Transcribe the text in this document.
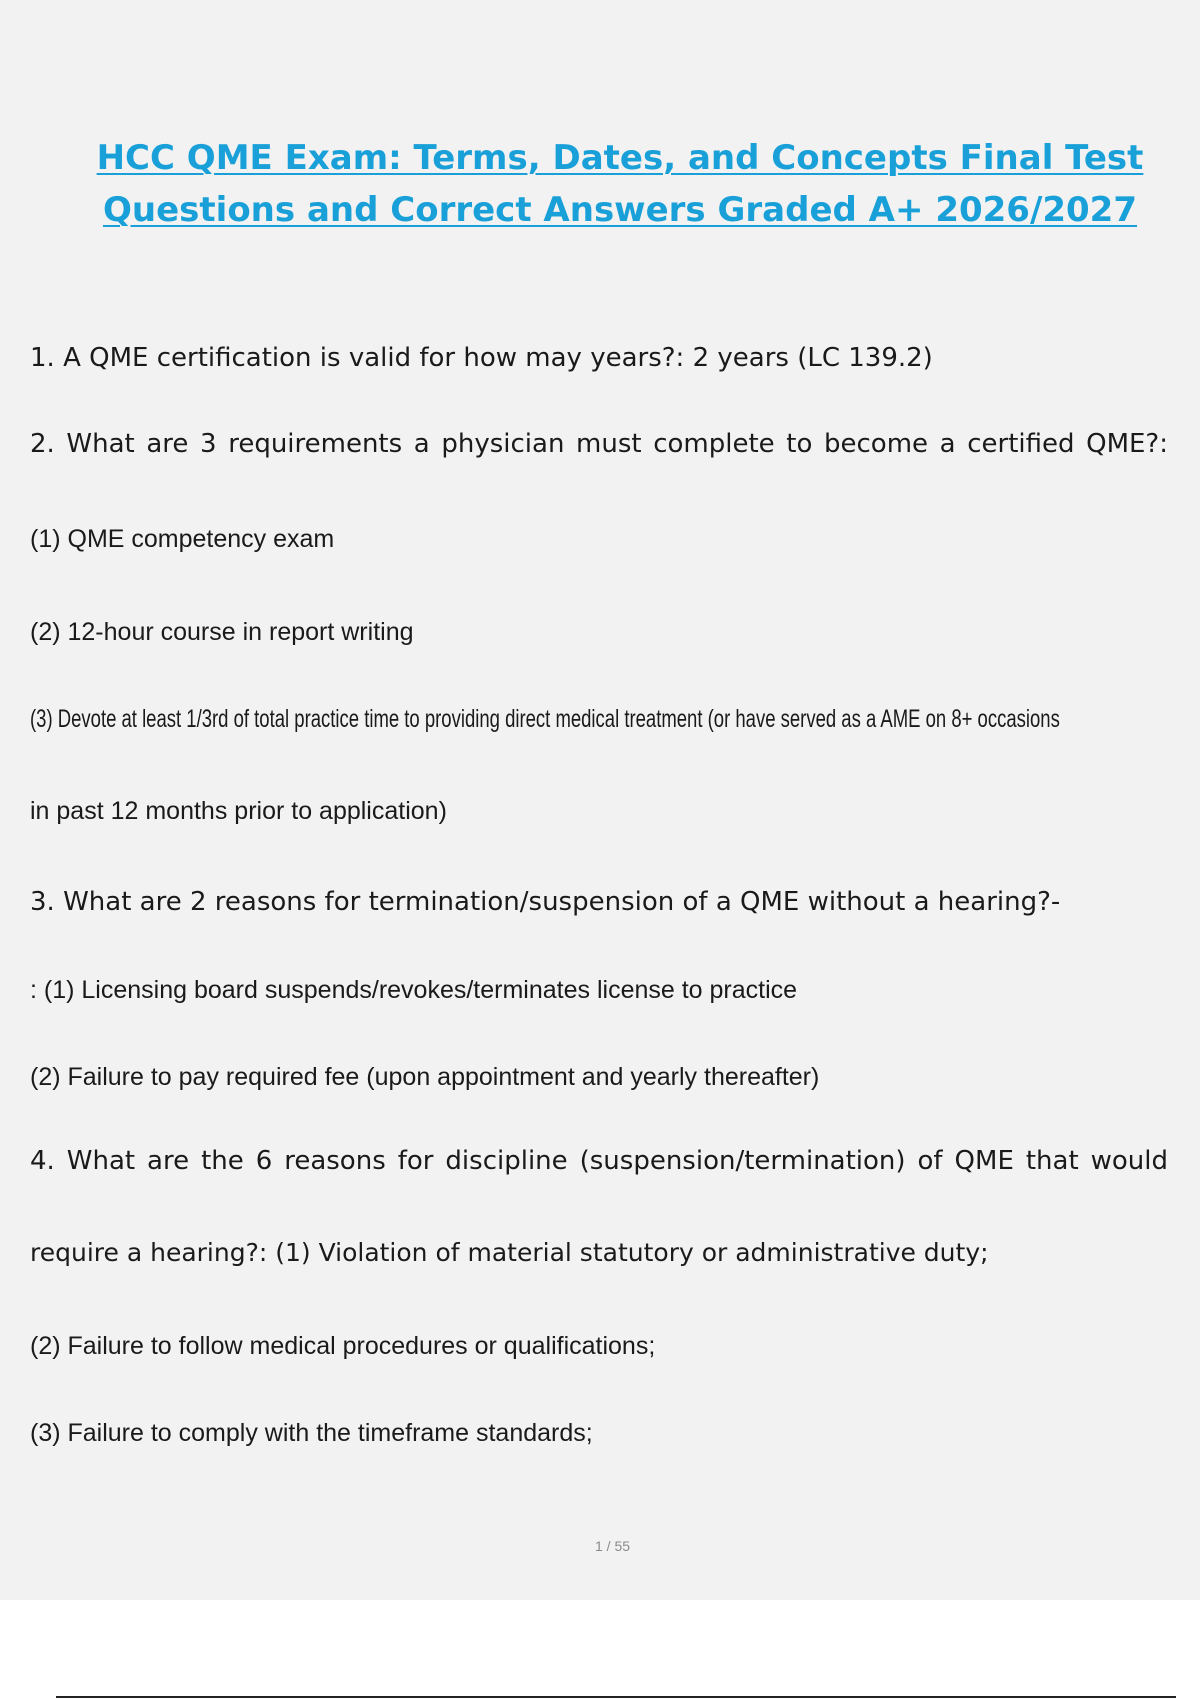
HCC QME Exam: Terms, Dates, and Concepts Final Test
Questions and Correct Answers Graded A+ 2026/2027
1. A QME certification is valid for how may years?: 2 years (LC 139.2)
2. What are 3 requirements a physician must complete to become a certified QME?:
(1) QME competency exam
(2) 12-hour course in report writing
(3) Devote at least 1/3rd of total practice time to providing direct medical treatment (or have served as a AME on 8+ occasions
in past 12 months prior to application)
3. What are 2 reasons for termination/suspension of a QME without a hearing?-
: (1) Licensing board suspends/revokes/terminates license to practice
(2) Failure to pay required fee (upon appointment and yearly thereafter)
4. What are the 6 reasons for discipline (suspension/termination) of QME that would
require a hearing?: (1) Violation of material statutory or administrative duty;
(2) Failure to follow medical procedures or qualifications;
(3) Failure to comply with the timeframe standards;
1 / 55
